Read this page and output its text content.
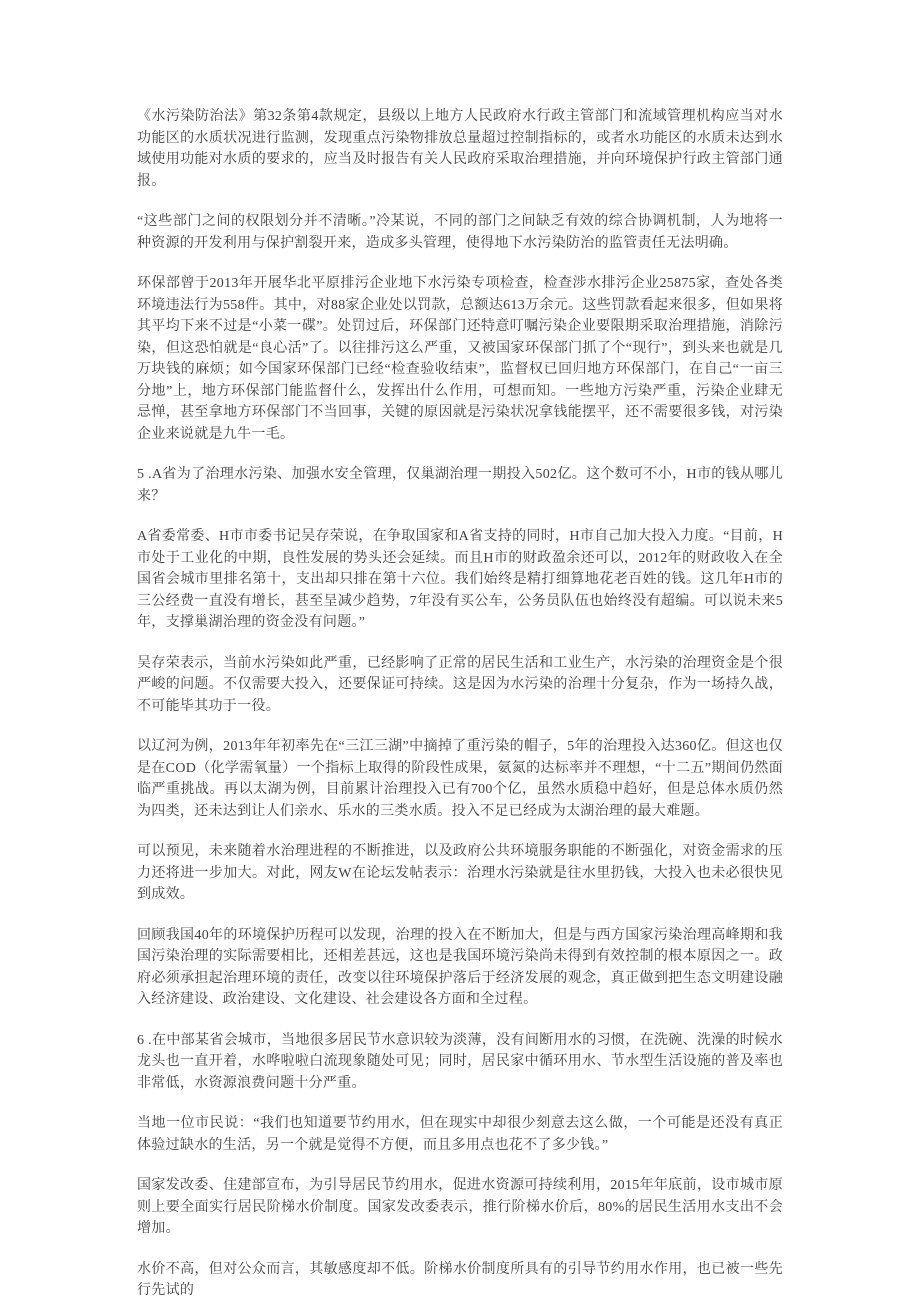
《水污染防治法》第32条第4款规定，县级以上地方人民政府水行政主管部门和流域管理机构应当对水功能区的水质状况进行监测，发现重点污染物排放总量超过控制指标的，或者水功能区的水质未达到水域使用功能对水质的要求的，应当及时报告有关人民政府采取治理措施，并向环境保护行政主管部门通报。

“这些部门之间的权限划分并不清晰。”冷某说，不同的部门之间缺乏有效的综合协调机制，人为地将一种资源的开发利用与保护割裂开来，造成多头管理，使得地下水污染防治的监管责任无法明确。

环保部曾于2013年开展华北平原排污企业地下水污染专项检查，检查涉水排污企业25875家，查处各类环境违法行为558件。其中，对88家企业处以罚款，总额达613万余元。这些罚款看起来很多，但如果将其平均下来不过是“小菜一碟”。处罚过后，环保部门还特意叮嘱污染企业要限期采取治理措施，消除污染，但这恐怕就是“良心活”了。以往排污这么严重，又被国家环保部门抓了个“现行”，到头来也就是几万块钱的麻烦；如今国家环保部门已经“检查验收结束”，监督权已回归地方环保部门，在自己“一亩三分地”上，地方环保部门能监督什么，发挥出什么作用，可想而知。一些地方污染严重，污染企业肆无忌惮，甚至拿地方环保部门不当回事，关键的原因就是污染状况拿钱能摆平，还不需要很多钱，对污染企业来说就是九牛一毛。

5 .A省为了治理水污染、加强水安全管理，仅巢湖治理一期投入502亿。这个数可不小，H市的钱从哪儿来？

A省委常委、H市市委书记吴存荣说，在争取国家和A省支持的同时，H市自己加大投入力度。“目前，H市处于工业化的中期，良性发展的势头还会延续。而且H市的财政盈余还可以，2012年的财政收入在全国省会城市里排名第十，支出却只排在第十六位。我们始终是精打细算地花老百姓的钱。这几年H市的三公经费一直没有增长，甚至呈减少趋势，7年没有买公车，公务员队伍也始终没有超编。可以说未来5年，支撑巢湖治理的资金没有问题。”

吴存荣表示，当前水污染如此严重，已经影响了正常的居民生活和工业生产，水污染的治理资金是个很严峻的问题。不仅需要大投入，还要保证可持续。这是因为水污染的治理十分复杂，作为一场持久战，不可能毕其功于一役。

以辽河为例，2013年年初率先在“三江三湖”中摘掉了重污染的帽子，5年的治理投入达360亿。但这也仅是在COD（化学需氧量）一个指标上取得的阶段性成果，氨氮的达标率并不理想，“十二五”期间仍然面临严重挑战。再以太湖为例，目前累计治理投入已有700个亿，虽然水质稳中趋好，但是总体水质仍然为四类，还未达到让人们亲水、乐水的三类水质。投入不足已经成为太湖治理的最大难题。

可以预见，未来随着水治理进程的不断推进，以及政府公共环境服务职能的不断强化，对资金需求的压力还将进一步加大。对此，网友W在论坛发帖表示：治理水污染就是往水里扔钱，大投入也未必很快见到成效。

回顾我国40年的环境保护历程可以发现，治理的投入在不断加大，但是与西方国家污染治理高峰期和我国污染治理的实际需要相比，还相差甚远，这也是我国环境污染尚未得到有效控制的根本原因之一。政府必须承担起治理环境的责任，改变以往环境保护落后于经济发展的观念，真正做到把生态文明建设融入经济建设、政治建设、文化建设、社会建设各方面和全过程。

6 .在中部某省会城市，当地很多居民节水意识较为淡薄，没有间断用水的习惯，在洗碗、洗澡的时候水龙头也一直开着，水哗啦啦白流现象随处可见；同时，居民家中循环用水、节水型生活设施的普及率也非常低，水资源浪费问题十分严重。

当地一位市民说：“我们也知道要节约用水，但在现实中却很少刻意去这么做，一个可能是还没有真正体验过缺水的生活，另一个就是觉得不方便，而且多用点也花不了多少钱。”

国家发改委、住建部宣布，为引导居民节约用水，促进水资源可持续利用，2015年年底前，设市城市原则上要全面实行居民阶梯水价制度。国家发改委表示，推行阶梯水价后，80%的居民生活用水支出不会增加。

水价不高，但对公众而言，其敏感度却不低。阶梯水价制度所具有的引导节约用水作用，也已被一些先行先试的
